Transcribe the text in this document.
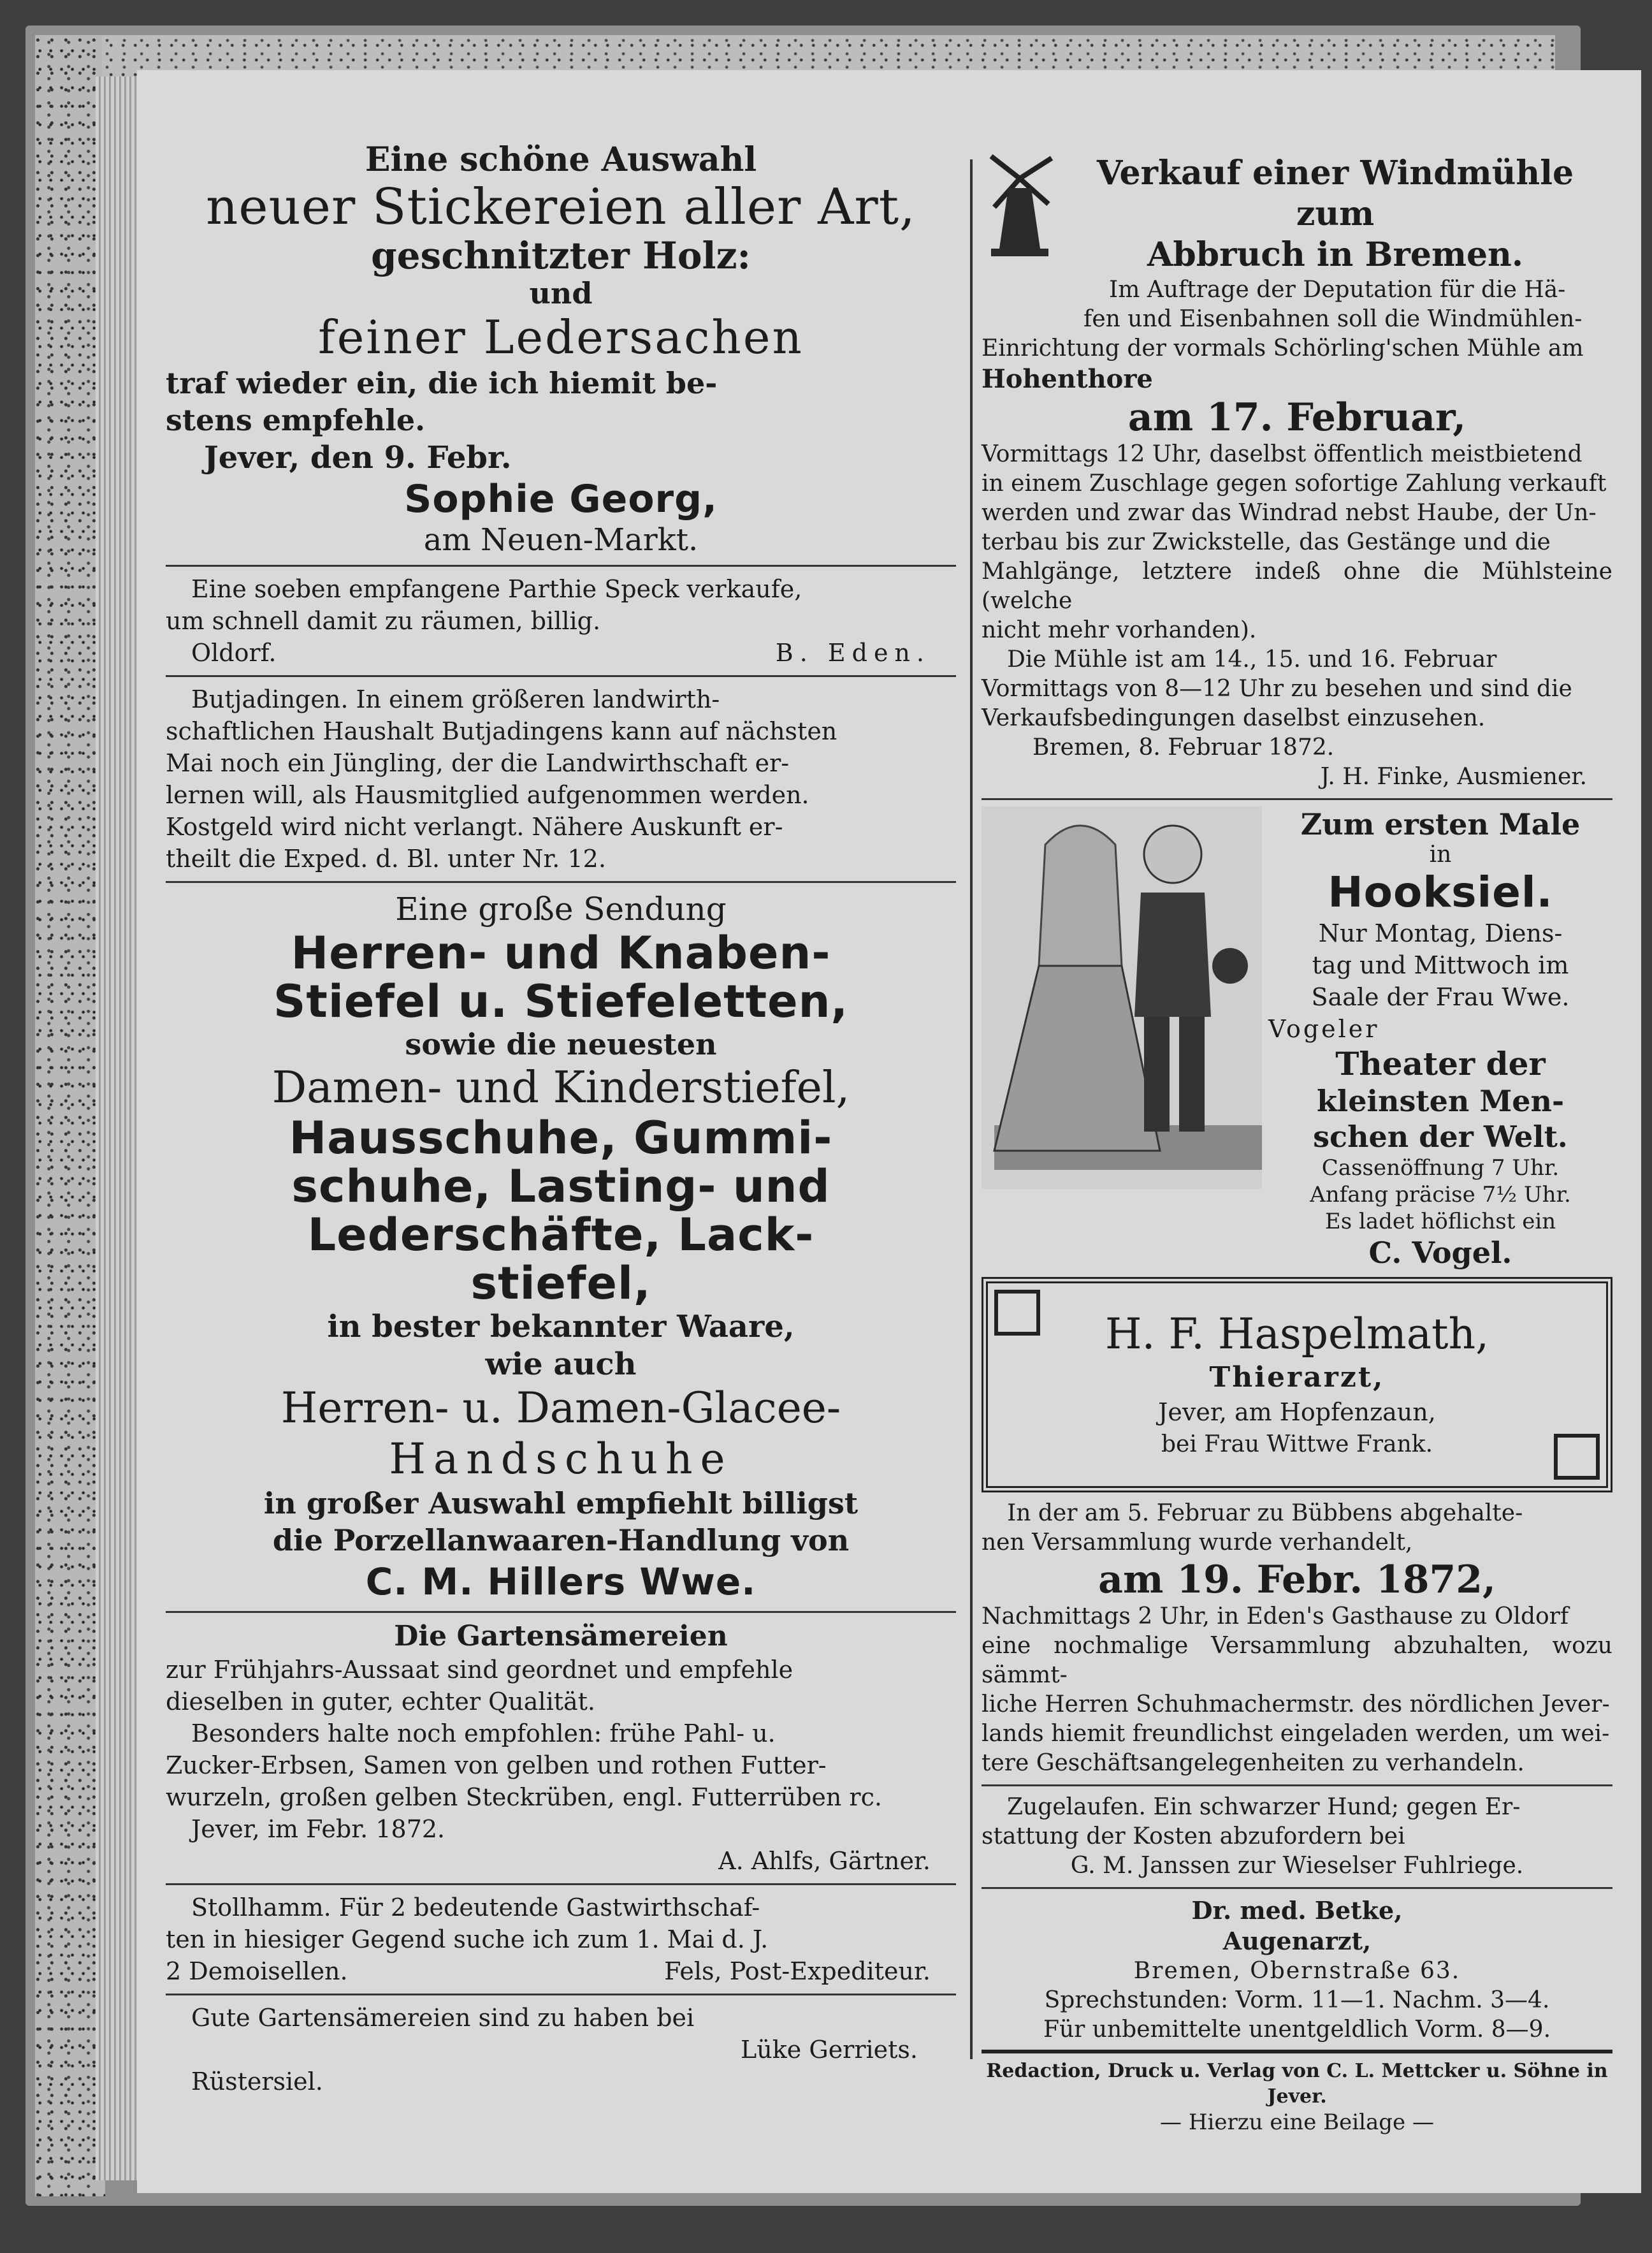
Eine schöne Auswahl
neuer Stickereien aller Art,
geschnitzter Holz:
und
feiner Ledersachen
traf wieder ein, die ich hiemit be-
stens empfehle.
Jever, den 9. Febr.
Sophie Georg,
am Neuen-Markt.
Eine soeben empfangene Parthie Speck verkaufe,
um schnell damit zu räumen, billig.
Oldorf.	B. Eden.
Butjadingen. In einem größeren landwirth-
schaftlichen Haushalt Butjadingens kann auf nächsten
Mai noch ein Jüngling, der die Landwirthschaft er-
lernen will, als Hausmitglied aufgenommen werden.
Kostgeld wird nicht verlangt. Nähere Auskunft er-
theilt die Exped. d. Bl. unter Nr. 12.
Eine große Sendung
Herren- und Knaben-
Stiefel u. Stiefeletten,
sowie die neuesten
Damen- und Kinderstiefel,
Hausschuhe, Gummi-
schuhe, Lasting- und
Lederschäfte, Lack-
stiefel,
in bester bekannter Waare,
wie auch
Herren- u. Damen-Glacee-
Handschuhe
in großer Auswahl empfiehlt billigst
die Porzellanwaaren-Handlung von
C. M. Hillers Wwe.
Die Gartensämereien
zur Frühjahrs-Aussaat sind geordnet und empfehle
dieselben in guter, echter Qualität.
Besonders halte noch empfohlen: frühe Pahl- u.
Zucker-Erbsen, Samen von gelben und rothen Futter-
wurzeln, großen gelben Steckrüben, engl. Futterrüben rc.
Jever, im Febr. 1872.
A. Ahlfs, Gärtner.
Stollhamm. Für 2 bedeutende Gastwirthschaf-
ten in hiesiger Gegend suche ich zum 1. Mai d. J.
2 Demoisellen.	Fels, Post-Expediteur.
Gute Gartensämereien sind zu haben bei
Lüke Gerriets.
Rüstersiel.
Verkauf einer Windmühle zum
Abbruch in Bremen.
Im Auftrage der Deputation für die Hä-
fen und Eisenbahnen soll die Windmühlen-
Einrichtung der vormals Schörling'schen Mühle am
Hohenthore
am 17. Februar,
Vormittags 12 Uhr, daselbst öffentlich meistbietend
in einem Zuschlage gegen sofortige Zahlung verkauft
werden und zwar das Windrad nebst Haube, der Un-
terbau bis zur Zwickstelle, das Gestänge und die
Mahlgänge, letztere indeß ohne die Mühlsteine (welche
nicht mehr vorhanden).
Die Mühle ist am 14., 15. und 16. Februar
Vormittags von 8—12 Uhr zu besehen und sind die
Verkaufsbedingungen daselbst einzusehen.
Bremen, 8. Februar 1872.
J. H. Finke, Ausmiener.
Zum ersten Male
in
Hooksiel.
Nur Montag, Diens-
tag und Mittwoch im
Saale der Frau Wwe.
Vogeler
Theater der
kleinsten Men-
schen der Welt.
Cassenöffnung 7 Uhr.
Anfang präcise 7½ Uhr.
Es ladet höflichst ein
C. Vogel.
H. F. Haspelmath,
Thierarzt,
Jever, am Hopfenzaun,
bei Frau Wittwe Frank.
In der am 5. Februar zu Bübbens abgehalte-
nen Versammlung wurde verhandelt,
am 19. Febr. 1872,
Nachmittags 2 Uhr, in Eden's Gasthause zu Oldorf
eine nochmalige Versammlung abzuhalten, wozu sämmt-
liche Herren Schuhmachermstr. des nördlichen Jever-
lands hiemit freundlichst eingeladen werden, um wei-
tere Geschäftsangelegenheiten zu verhandeln.
Zugelaufen. Ein schwarzer Hund; gegen Er-
stattung der Kosten abzufordern bei
G. M. Janssen zur Wieselser Fuhlriege.
Dr. med. Betke,
Augenarzt,
Bremen, Obernstraße 63.
Sprechstunden: Vorm. 11—1. Nachm. 3—4.
Für unbemittelte unentgeldlich Vorm. 8—9.
Redaction, Druck u. Verlag von C. L. Mettcker u. Söhne in Jever.
— Hierzu eine Beilage —
